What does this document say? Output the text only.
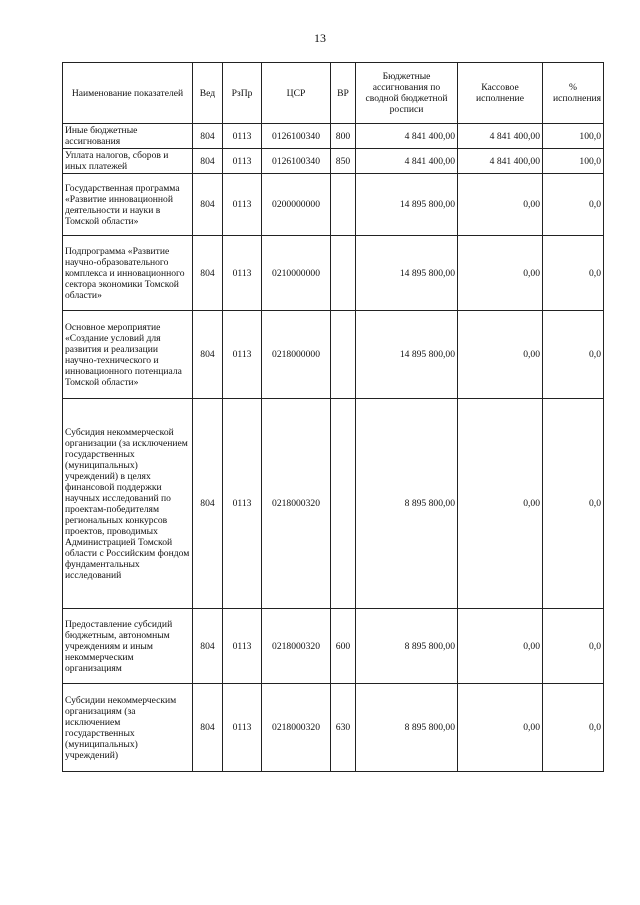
13
Наименование показателей	Вед	РзПр	ЦСР	ВР	Бюджетные ассигнования по сводной бюджетной росписи	Кассовое исполнение	% исполнения
Иные бюджетные ассигнования	804	0113	0126100340	800	4 841 400,00	4 841 400,00	100,0
Уплата налогов, сборов и иных платежей	804	0113	0126100340	850	4 841 400,00	4 841 400,00	100,0
Государственная программа «Развитие инновационной деятельности и науки в Томской области»	804	0113	0200000000		14 895 800,00	0,00	0,0
Подпрограмма «Развитие научно-образовательного комплекса и инновационного сектора экономики Томской области»	804	0113	0210000000		14 895 800,00	0,00	0,0
Основное мероприятие «Создание условий для развития и реализации научно-технического и инновационного потенциала Томской области»	804	0113	0218000000		14 895 800,00	0,00	0,0
Субсидия некоммерческой организации (за исключением государственных (муниципальных) учреждений) в целях финансовой поддержки научных исследований по проектам-победителям региональных конкурсов проектов, проводимых Администрацией Томской области с Российским фондом фундаментальных исследований	804	0113	0218000320		8 895 800,00	0,00	0,0
Предоставление субсидий бюджетным, автономным учреждениям и иным некоммерческим организациям	804	0113	0218000320	600	8 895 800,00	0,00	0,0
Субсидии некоммерческим организациям (за исключением государственных (муниципальных) учреждений)	804	0113	0218000320	630	8 895 800,00	0,00	0,0
